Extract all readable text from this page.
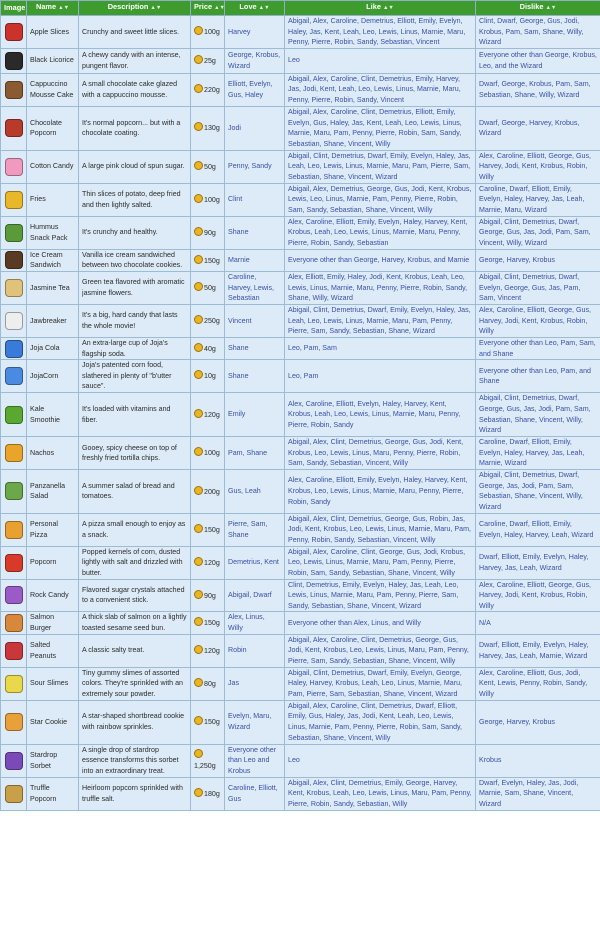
Image	Name ▲▼	Description ▲▼	Price ▲▼	Love ▲▼	Like ▲▼	Dislike ▲▼

	Apple Slices	Crunchy and sweet little slices.	100g	Harvey	Abigail, Alex, Caroline, Demetrius, Elliott, Emily, Evelyn, Haley, Jas, Kent, Leah, Leo, Lewis, Linus, Marnie, Maru, Penny, Pierre, Robin, Sandy, Sebastian, Vincent	Clint, Dwarf, George, Gus, Jodi, Krobus, Pam, Sam, Shane, Willy, Wizard

	Black Licorice	A chewy candy with an intense, pungent flavor.	25g	George, Krobus, Wizard	Leo	Everyone other than George, Krobus, Leo, and the Wizard

	Cappuccino Mousse Cake	A small chocolate cake glazed with a cappuccino mousse.	220g	Elliott, Evelyn, Gus, Haley	Abigail, Alex, Caroline, Clint, Demetrius, Emily, Harvey, Jas, Jodi, Kent, Leah, Leo, Lewis, Linus, Marnie, Maru, Penny, Pierre, Robin, Sandy, Vincent	Dwarf, George, Krobus, Pam, Sam, Sebastian, Shane, Willy, Wizard

	Chocolate Popcorn	It's normal popcorn... but with a chocolate coating.	130g	Jodi	Abigail, Alex, Caroline, Clint, Demetrius, Elliott, Emily, Evelyn, Gus, Haley, Jas, Kent, Leah, Leo, Lewis, Linus, Marnie, Maru, Pam, Penny, Pierre, Robin, Sam, Sandy, Sebastian, Shane, Vincent, Willy	Dwarf, George, Harvey, Krobus, Wizard

	Cotton Candy	A large pink cloud of spun sugar.	50g	Penny, Sandy	Abigail, Clint, Demetrius, Dwarf, Emily, Evelyn, Haley, Jas, Leah, Leo, Lewis, Linus, Marnie, Maru, Pam, Pierre, Sam, Sebastian, Shane, Vincent, Wizard	Alex, Caroline, Elliott, George, Gus, Harvey, Jodi, Kent, Krobus, Robin, Willy

	Fries	Thin slices of potato, deep fried and then lightly salted.	100g	Clint	Abigail, Alex, Demetrius, George, Gus, Jodi, Kent, Krobus, Lewis, Leo, Linus, Marnie, Pam, Penny, Pierre, Robin, Sam, Sandy, Sebastian, Shane, Vincent, Willy	Caroline, Dwarf, Elliott, Emily, Evelyn, Haley, Harvey, Jas, Leah, Marnie, Maru, Wizard

	Hummus Snack Pack	It's crunchy and healthy.	90g	Shane	Alex, Caroline, Elliott, Emily, Evelyn, Haley, Harvey, Kent, Krobus, Leah, Leo, Lewis, Linus, Marnie, Maru, Penny, Pierre, Robin, Sandy, Sebastian	Abigail, Clint, Demetrius, Dwarf, George, Gus, Jas, Jodi, Pam, Sam, Vincent, Willy, Wizard

	Ice Cream Sandwich	Vanilla ice cream sandwiched between two chocolate cookies.	150g	Marnie	Everyone other than George, Harvey, Krobus, and Marnie	George, Harvey, Krobus

	Jasmine Tea	Green tea flavored with aromatic jasmine flowers.	50g	Caroline, Harvey, Lewis, Sebastian	Alex, Elliott, Emily, Haley, Jodi, Kent, Krobus, Leah, Leo, Lewis, Linus, Marnie, Maru, Penny, Pierre, Robin, Sandy, Shane, Willy, Wizard	Abigail, Clint, Demetrius, Dwarf, Evelyn, George, Gus, Jas, Pam, Sam, Vincent

	Jawbreaker	It's a big, hard candy that lasts the whole movie!	250g	Vincent	Abigail, Clint, Demetrius, Dwarf, Emily, Evelyn, Haley, Jas, Leah, Leo, Lewis, Linus, Marnie, Maru, Pam, Penny, Pierre, Sam, Sandy, Sebastian, Shane, Wizard	Alex, Caroline, Elliott, George, Gus, Harvey, Jodi, Kent, Krobus, Robin, Willy

	Joja Cola	An extra-large cup of Joja's flagship soda.	40g	Shane	Leo, Pam, Sam	Everyone other than Leo, Pam, Sam, and Shane

	JojaCorn	Joja's patented corn food, slathered in plenty of "b'utter sauce".	10g	Shane	Leo, Pam	Everyone other than Leo, Pam, and Shane

	Kale Smoothie	It's loaded with vitamins and fiber.	120g	Emily	Alex, Caroline, Elliott, Evelyn, Haley, Harvey, Kent, Krobus, Leah, Leo, Lewis, Linus, Marnie, Maru, Penny, Pierre, Robin, Sandy	Abigail, Clint, Demetrius, Dwarf, George, Gus, Jas, Jodi, Pam, Sam, Sebastian, Shane, Vincent, Willy, Wizard

	Nachos	Gooey, spicy cheese on top of freshly fried tortilla chips.	100g	Pam, Shane	Abigail, Alex, Clint, Demetrius, George, Gus, Jodi, Kent, Krobus, Leo, Lewis, Linus, Maru, Penny, Pierre, Robin, Sam, Sandy, Sebastian, Vincent, Willy	Caroline, Dwarf, Elliott, Emily, Evelyn, Haley, Harvey, Jas, Leah, Marnie, Wizard

	Panzanella Salad	A summer salad of bread and tomatoes.	200g	Gus, Leah	Alex, Caroline, Elliott, Emily, Evelyn, Haley, Harvey, Kent, Krobus, Leo, Lewis, Linus, Marnie, Maru, Penny, Pierre, Robin, Sandy	Abigail, Clint, Demetrius, Dwarf, George, Jas, Jodi, Pam, Sam, Sebastian, Shane, Vincent, Willy, Wizard

	Personal Pizza	A pizza small enough to enjoy as a snack.	150g	Pierre, Sam, Shane	Abigail, Alex, Clint, Demetrius, George, Gus, Robin, Jas, Jodi, Kent, Krobus, Leo, Lewis, Linus, Marnie, Maru, Pam, Penny, Robin, Sandy, Sebastian, Vincent, Willy	Caroline, Dwarf, Elliott, Emily, Evelyn, Haley, Harvey, Leah, Wizard

	Popcorn	Popped kernels of corn, dusted lightly with salt and drizzled with butter.	120g	Demetrius, Kent	Abigail, Alex, Caroline, Clint, George, Gus, Jodi, Krobus, Leo, Lewis, Linus, Marnie, Maru, Pam, Penny, Pierre, Robin, Sam, Sandy, Sebastian, Shane, Vincent, Willy	Dwarf, Elliott, Emily, Evelyn, Haley, Harvey, Jas, Leah, Wizard

	Rock Candy	Flavored sugar crystals attached to a convenient stick.	90g	Abigail, Dwarf	Clint, Demetrius, Emily, Evelyn, Haley, Jas, Leah, Leo, Lewis, Linus, Marnie, Maru, Pam, Penny, Pierre, Sam, Sandy, Sebastian, Shane, Vincent, Wizard	Alex, Caroline, Elliott, George, Gus, Harvey, Jodi, Kent, Krobus, Robin, Willy

	Salmon Burger	A thick slab of salmon on a lightly toasted sesame seed bun.	150g	Alex, Linus, Willy	Everyone other than Alex, Linus, and Willy	N/A

	Salted Peanuts	A classic salty treat.	120g	Robin	Abigail, Alex, Caroline, Clint, Demetrius, George, Gus, Jodi, Kent, Krobus, Leo, Lewis, Linus, Maru, Pam, Penny, Pierre, Sam, Sandy, Sebastian, Shane, Vincent, Willy	Dwarf, Elliott, Emily, Evelyn, Haley, Harvey, Jas, Leah, Marnie, Wizard

	Sour Slimes	Tiny gummy slimes of assorted colors. They're sprinkled with an extremely sour powder.	80g	Jas	Abigail, Clint, Demetrius, Dwarf, Emily, Evelyn, George, Haley, Harvey, Krobus, Leah, Leo, Linus, Marnie, Maru, Pam, Pierre, Sam, Sebastian, Shane, Vincent, Wizard	Alex, Caroline, Elliott, Gus, Jodi, Kent, Lewis, Penny, Robin, Sandy, Willy

	Star Cookie	A star-shaped shortbread cookie with rainbow sprinkles.	150g	Evelyn, Maru, Wizard	Abigail, Alex, Caroline, Clint, Demetrius, Dwarf, Elliott, Emily, Gus, Haley, Jas, Jodi, Kent, Leah, Leo, Lewis, Linus, Marnie, Pam, Penny, Pierre, Robin, Sam, Sandy, Sebastian, Shane, Vincent, Willy	George, Harvey, Krobus

	Stardrop Sorbet	A single drop of stardrop essence transforms this sorbet into an extraordinary treat.	1,250g	Everyone other than Leo and Krobus	Leo	Krobus

	Truffle Popcorn	Heirloom popcorn sprinkled with truffle salt.	180g	Caroline, Elliott, Gus	Abigail, Alex, Clint, Demetrius, Emily, George, Harvey, Kent, Krobus, Leah, Leo, Lewis, Linus, Maru, Pam, Penny, Pierre, Robin, Sandy, Sebastian, Willy	Dwarf, Evelyn, Haley, Jas, Jodi, Marnie, Sam, Shane, Vincent, Wizard
